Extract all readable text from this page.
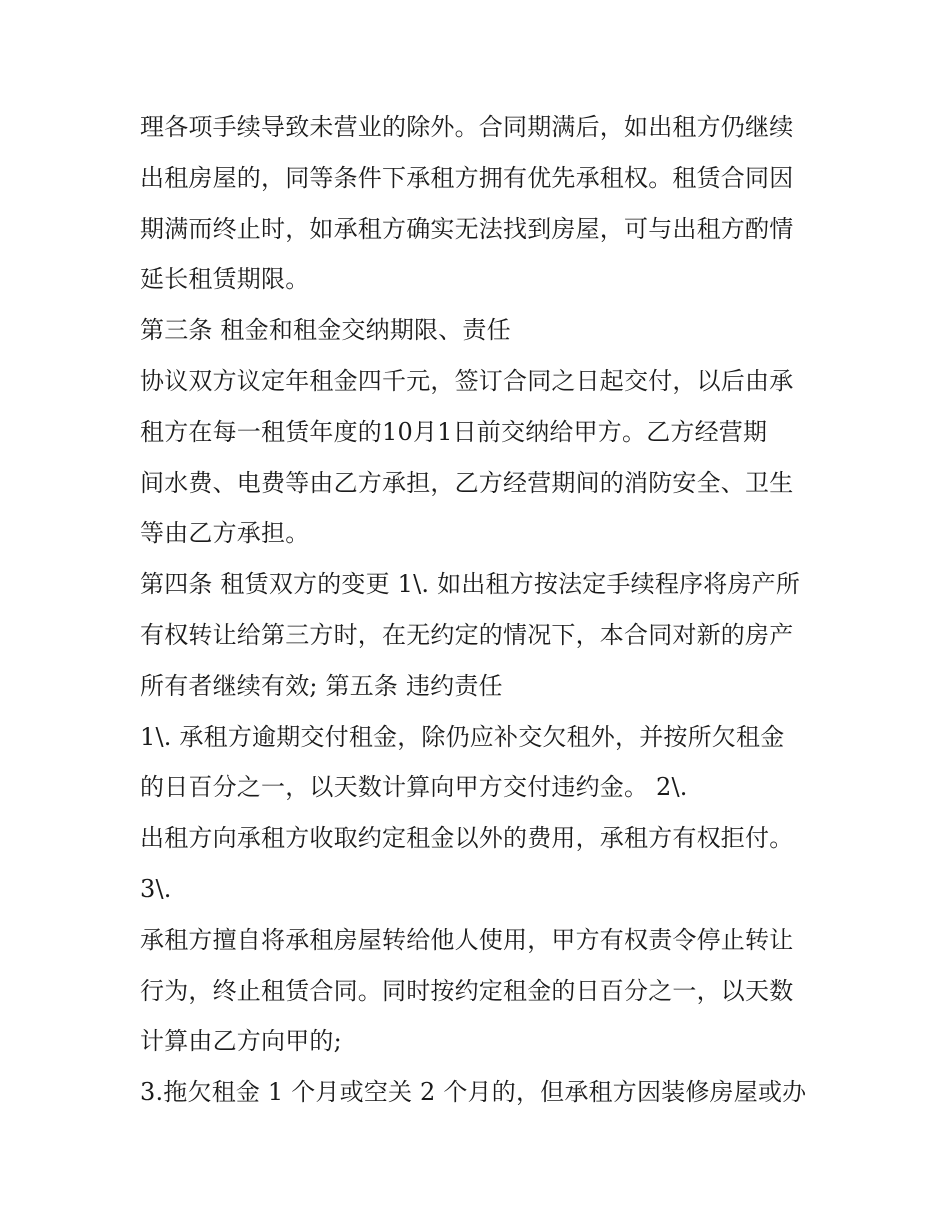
理各项手续导致未营业的除外。合同期满后，如出租方仍继续
出租房屋的，同等条件下承租方拥有优先承租权。租赁合同因
期满而终止时，如承租方确实无法找到房屋，可与出租方酌情
延长租赁期限。
第三条 租金和租金交纳期限、责任
协议双方议定年租金四千元，签订合同之日起交付，以后由承
租方在每一租赁年度的10月1日前交纳给甲方。乙方经营期
间水费、电费等由乙方承担，乙方经营期间的消防安全、卫生
等由乙方承担。
第四条 租赁双方的变更 1\. 如出租方按法定手续程序将房产所
有权转让给第三方时，在无约定的情况下，本合同对新的房产
所有者继续有效; 第五条 违约责任
1\. 承租方逾期交付租金，除仍应补交欠租外，并按所欠租金
的日百分之一，以天数计算向甲方交付违约金。 2\.
出租方向承租方收取约定租金以外的费用，承租方有权拒付。
3\.
承租方擅自将承租房屋转给他人使用，甲方有权责令停止转让
行为，终止租赁合同。同时按约定租金的日百分之一，以天数
计算由乙方向甲的;
3.拖欠租金 1 个月或空关 2 个月的，但承租方因装修房屋或办
